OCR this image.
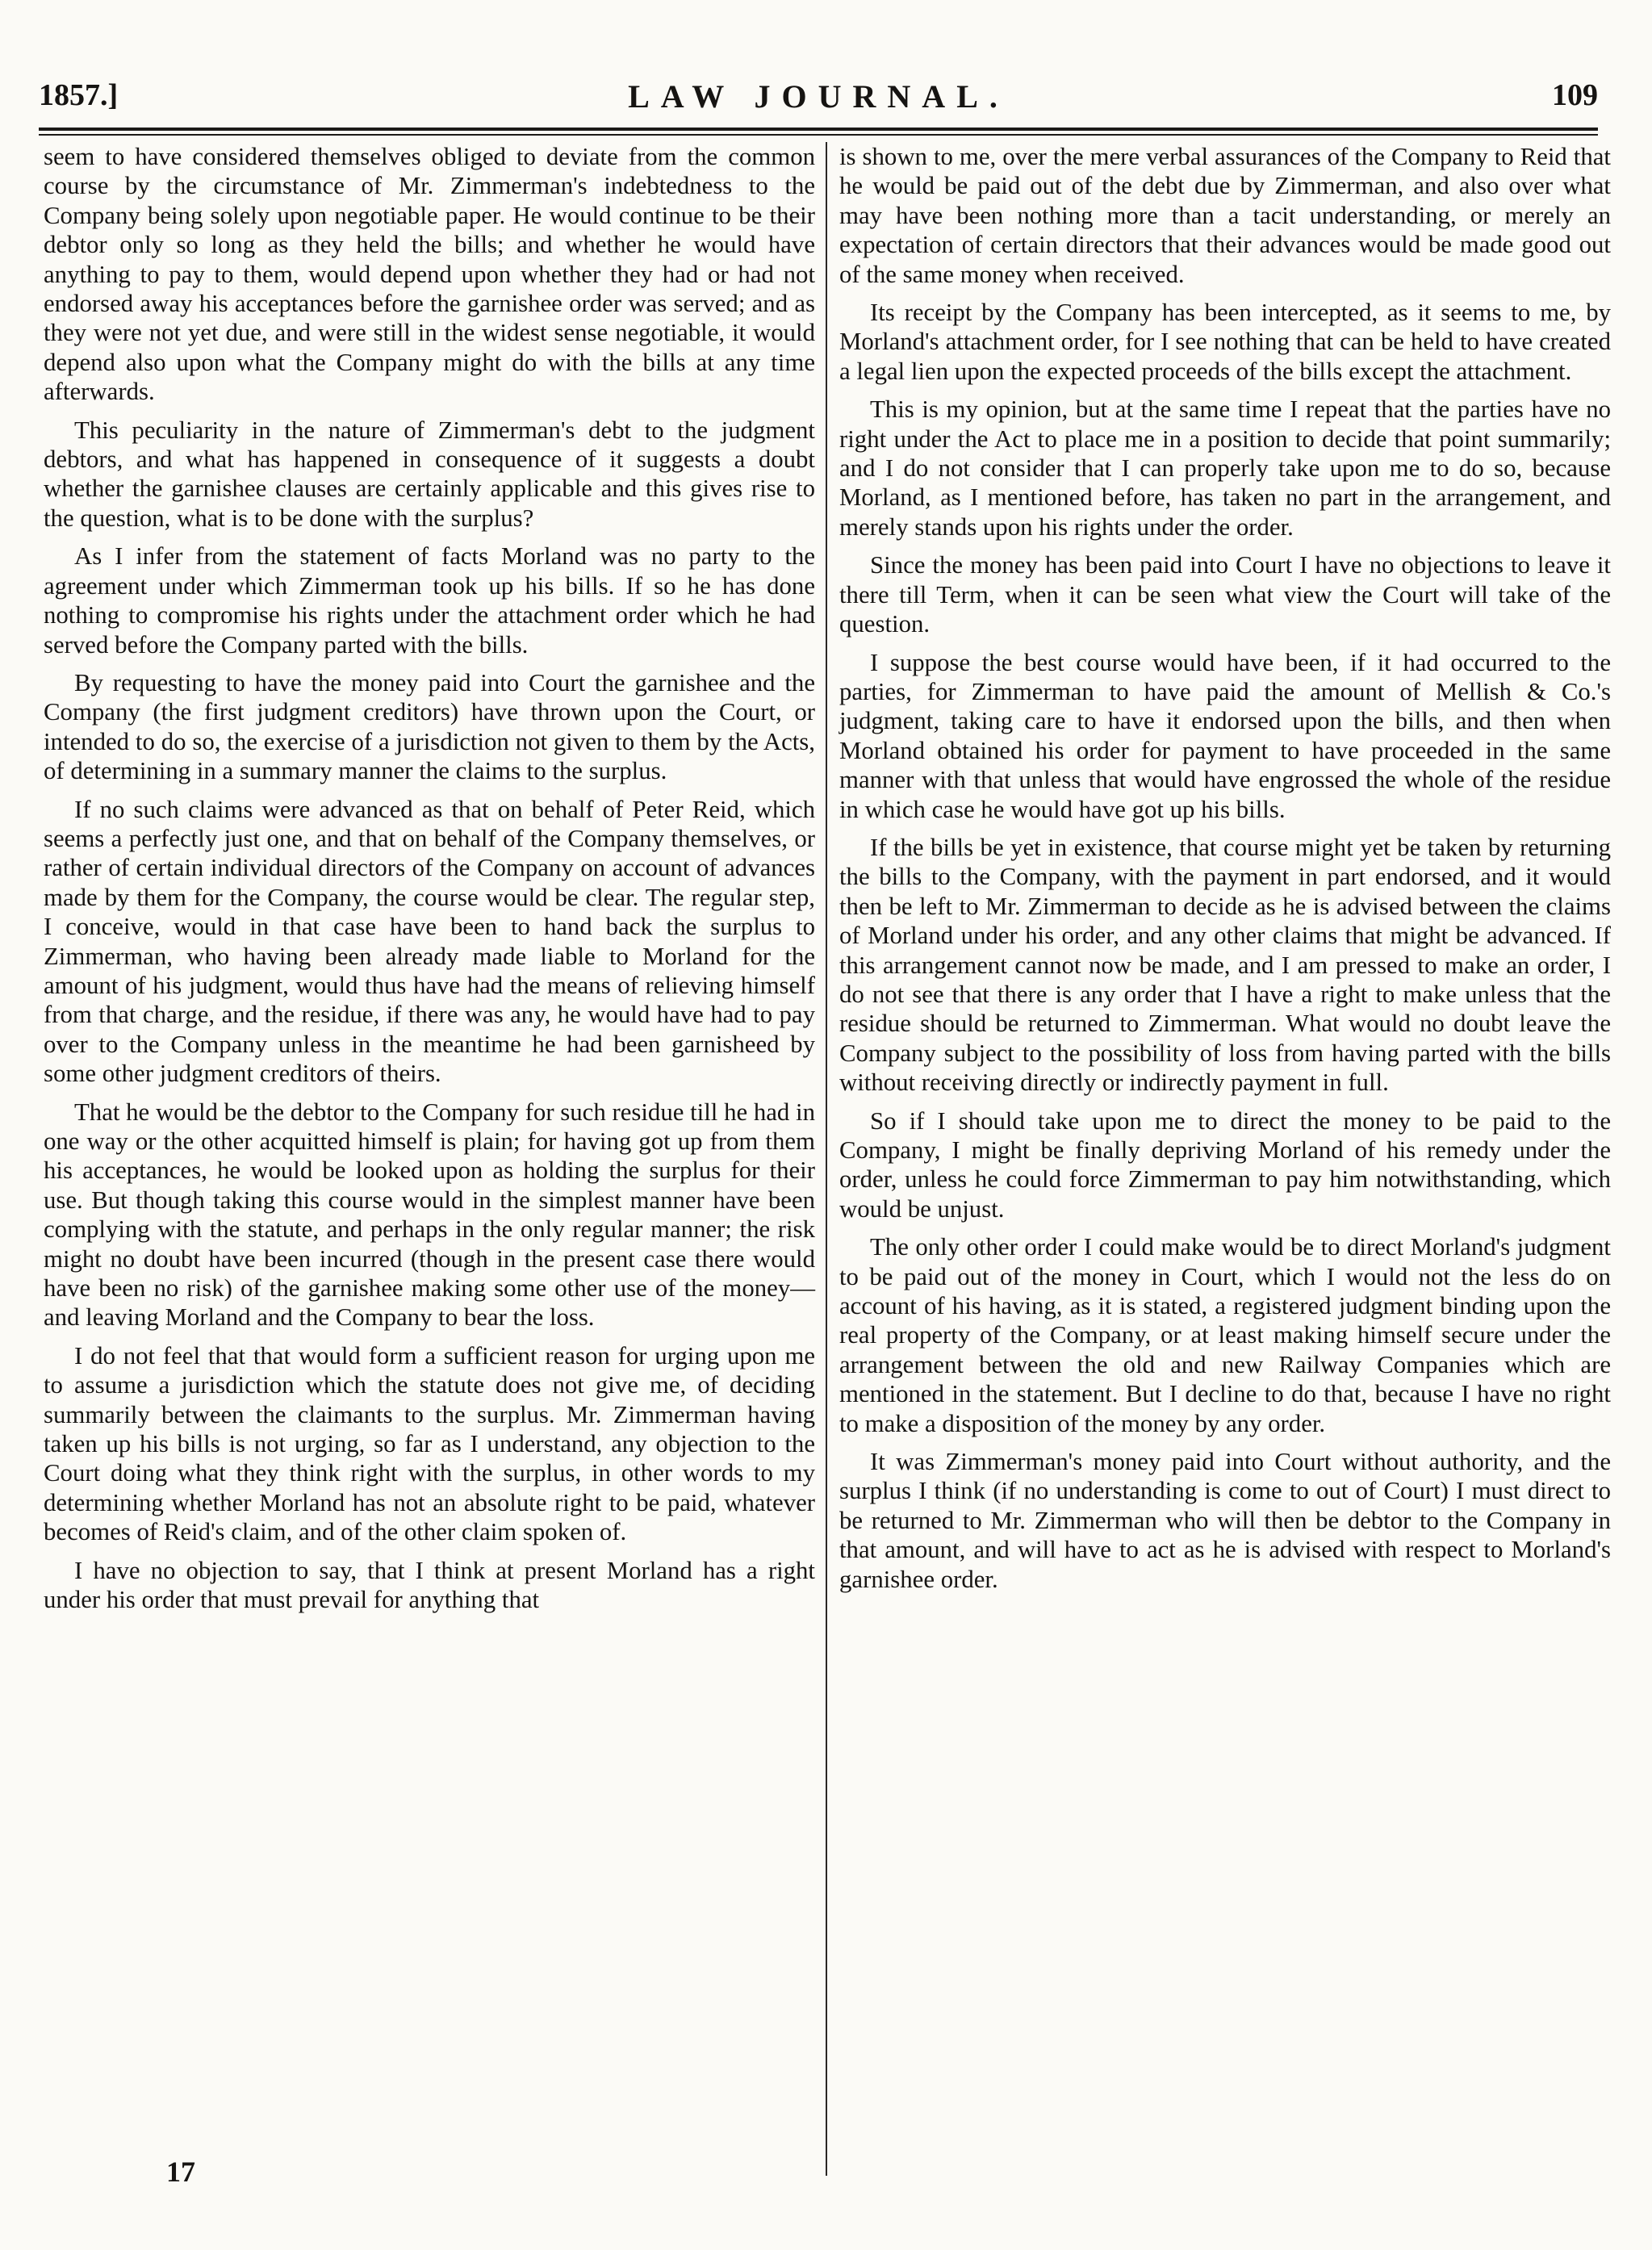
1857.]	LAW JOURNAL.	109

seem to have considered themselves obliged to deviate from the common course by the circumstance of Mr. Zimmerman's indebtedness to the Company being solely upon negotiable paper. He would continue to be their debtor only so long as they held the bills; and whether he would have anything to pay to them, would depend upon whether they had or had not endorsed away his acceptances before the garnishee order was served; and as they were not yet due, and were still in the widest sense negotiable, it would depend also upon what the Company might do with the bills at any time afterwards.

This peculiarity in the nature of Zimmerman's debt to the judgment debtors, and what has happened in consequence of it suggests a doubt whether the garnishee clauses are certainly applicable and this gives rise to the question, what is to be done with the surplus?

As I infer from the statement of facts Morland was no party to the agreement under which Zimmerman took up his bills. If so he has done nothing to compromise his rights under the attachment order which he had served before the Company parted with the bills.

By requesting to have the money paid into Court the garnishee and the Company (the first judgment creditors) have thrown upon the Court, or intended to do so, the exercise of a jurisdiction not given to them by the Acts, of determining in a summary manner the claims to the surplus.

If no such claims were advanced as that on behalf of Peter Reid, which seems a perfectly just one, and that on behalf of the Company themselves, or rather of certain individual directors of the Company on account of advances made by them for the Company, the course would be clear. The regular step, I conceive, would in that case have been to hand back the surplus to Zimmerman, who having been already made liable to Morland for the amount of his judgment, would thus have had the means of relieving himself from that charge, and the residue, if there was any, he would have had to pay over to the Company unless in the meantime he had been garnisheed by some other judgment creditors of theirs.

That he would be the debtor to the Company for such residue till he had in one way or the other acquitted himself is plain; for having got up from them his acceptances, he would be looked upon as holding the surplus for their use. But though taking this course would in the simplest manner have been complying with the statute, and perhaps in the only regular manner; the risk might no doubt have been incurred (though in the present case there would have been no risk) of the garnishee making some other use of the money—and leaving Morland and the Company to bear the loss.

I do not feel that that would form a sufficient reason for urging upon me to assume a jurisdiction which the statute does not give me, of deciding summarily between the claimants to the surplus. Mr. Zimmerman having taken up his bills is not urging, so far as I understand, any objection to the Court doing what they think right with the surplus, in other words to my determining whether Morland has not an absolute right to be paid, whatever becomes of Reid's claim, and of the other claim spoken of.

I have no objection to say, that I think at present Morland has a right under his order that must prevail for anything that

is shown to me, over the mere verbal assurances of the Company to Reid that he would be paid out of the debt due by Zimmerman, and also over what may have been nothing more than a tacit understanding, or merely an expectation of certain directors that their advances would be made good out of the same money when received.

Its receipt by the Company has been intercepted, as it seems to me, by Morland's attachment order, for I see nothing that can be held to have created a legal lien upon the expected proceeds of the bills except the attachment.

This is my opinion, but at the same time I repeat that the parties have no right under the Act to place me in a position to decide that point summarily; and I do not consider that I can properly take upon me to do so, because Morland, as I mentioned before, has taken no part in the arrangement, and merely stands upon his rights under the order.

Since the money has been paid into Court I have no objections to leave it there till Term, when it can be seen what view the Court will take of the question.

I suppose the best course would have been, if it had occurred to the parties, for Zimmerman to have paid the amount of Mellish & Co.'s judgment, taking care to have it endorsed upon the bills, and then when Morland obtained his order for payment to have proceeded in the same manner with that unless that would have engrossed the whole of the residue in which case he would have got up his bills.

If the bills be yet in existence, that course might yet be taken by returning the bills to the Company, with the payment in part endorsed, and it would then be left to Mr. Zimmerman to decide as he is advised between the claims of Morland under his order, and any other claims that might be advanced. If this arrangement cannot now be made, and I am pressed to make an order, I do not see that there is any order that I have a right to make unless that the residue should be returned to Zimmerman. What would no doubt leave the Company subject to the possibility of loss from having parted with the bills without receiving directly or indirectly payment in full.

So if I should take upon me to direct the money to be paid to the Company, I might be finally depriving Morland of his remedy under the order, unless he could force Zimmerman to pay him notwithstanding, which would be unjust.

The only other order I could make would be to direct Morland's judgment to be paid out of the money in Court, which I would not the less do on account of his having, as it is stated, a registered judgment binding upon the real property of the Company, or at least making himself secure under the arrangement between the old and new Railway Companies which are mentioned in the statement. But I decline to do that, because I have no right to make a disposition of the money by any order.

It was Zimmerman's money paid into Court without authority, and the surplus I think (if no understanding is come to out of Court) I must direct to be returned to Mr. Zimmerman who will then be debtor to the Company in that amount, and will have to act as he is advised with respect to Morland's garnishee order.

17
